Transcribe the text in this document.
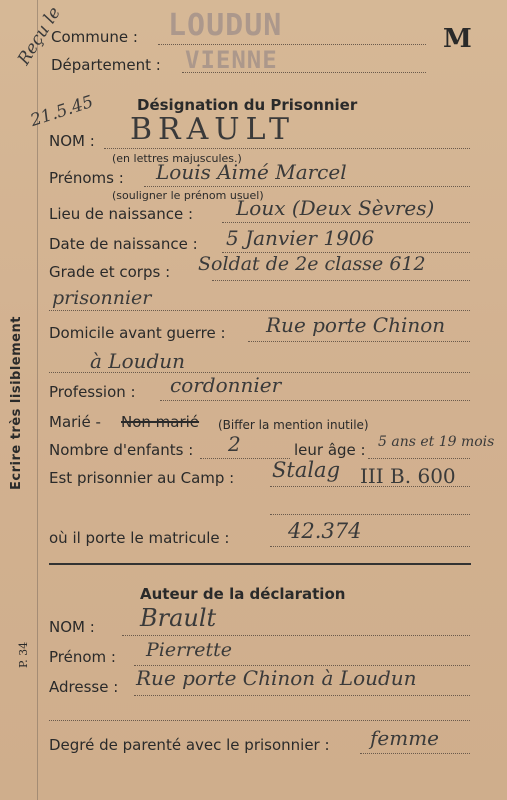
Ecrire très lisiblement
P. 34
M
Commune : LOUDUN
Département : VIENNE
Reçu le
21.5.45	Désignation du Prisonnier
NOM : BRAULT
(en lettres majuscules.)
Prénoms : Louis Aimé Marcel
(souligner le prénom usuel)
Lieu de naissance : Loux (Deux Sèvres)
Date de naissance : 5 Janvier 1906
Grade et corps : Soldat de 2e classe 612
prisonnier
Domicile avant guerre : Rue porte Chinon
à Loudun
Profession : cordonnier
Marié - Non marié (Biffer la mention inutile)
Nombre d'enfants : 2	leur âge : 5 ans et 19 mois
Est prisonnier au Camp : Stalag III B. 600
où il porte le matricule :	42.374
Auteur de la déclaration
NOM : Brault
Prénom : Pierrette
Adresse : Rue porte Chinon à Loudun
Degré de parenté avec le prisonnier : femme
